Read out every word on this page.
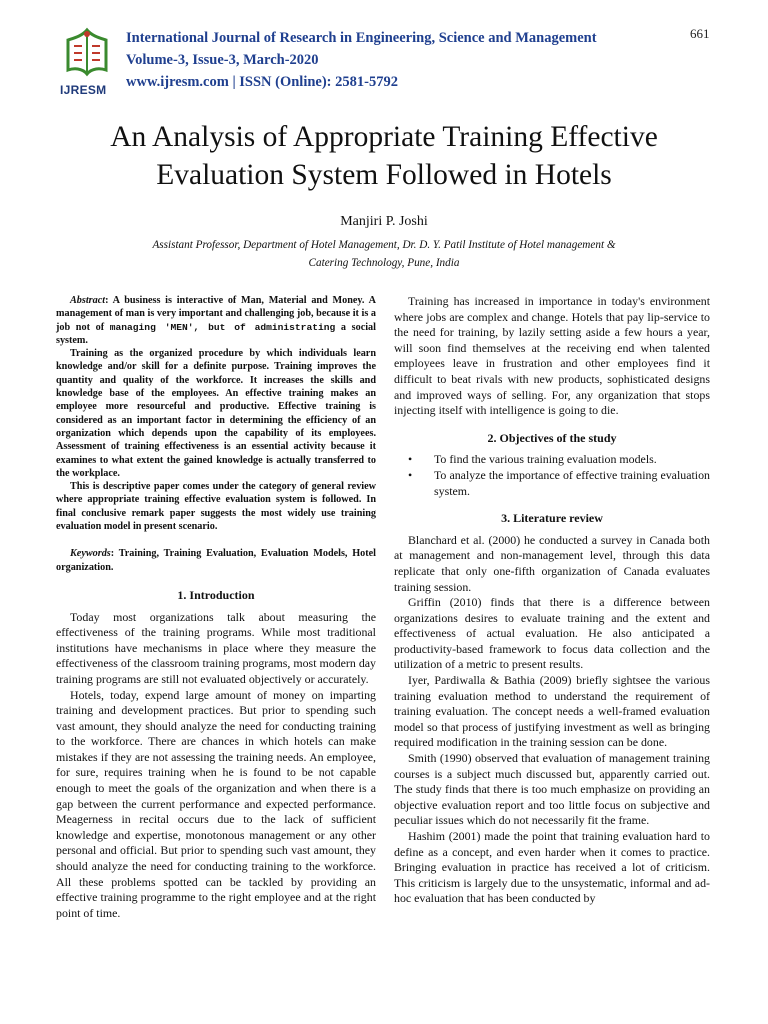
IJRESM
International Journal of Research in Engineering, Science and Management
Volume-3, Issue-3, March-2020
www.ijresm.com | ISSN (Online): 2581-5792
661
An Analysis of Appropriate Training Effective
Evaluation System Followed in Hotels
Manjiri P. Joshi
Assistant Professor, Department of Hotel Management, Dr. D. Y. Patil Institute of Hotel management &
Catering Technology, Pune, India

Abstract: A business is interactive of Man, Material and Money. A management of man is very important and challenging job, because it is a job not of managing 'MEN', but of administrating a social system.

Training as the organized procedure by which individuals learn knowledge and/or skill for a definite purpose. Training improves the quantity and quality of the workforce. It increases the skills and knowledge base of the employees. An effective training makes an employee more resourceful and productive. Effective training is considered as an important factor in determining the efficiency of an organization which depends upon the capability of its employees. Assessment of training effectiveness is an essential activity because it examines to what extent the gained knowledge is actually transferred to the workplace.

This is descriptive paper comes under the category of general review where appropriate training effective evaluation system is followed. In final conclusive remark paper suggests the most widely use training evaluation model in present scenario.

Keywords: Training, Training Evaluation, Evaluation Models, Hotel organization.

1. Introduction

Today most organizations talk about measuring the effectiveness of the training programs. While most traditional institutions have mechanisms in place where they measure the effectiveness of the classroom training programs, most modern day training programs are still not evaluated objectively or accurately.

Hotels, today, expend large amount of money on imparting training and development practices. But prior to spending such vast amount, they should analyze the need for conducting training to the workforce. There are chances in which hotels can make mistakes if they are not assessing the training needs. An employee, for sure, requires training when he is found to be not capable enough to meet the goals of the organization and when there is a gap between the current performance and expected performance. Meagerness in recital occurs due to the lack of sufficient knowledge and expertise, monotonous management or any other personal and official. But prior to spending such vast amount, they should analyze the need for conducting training to the workforce. All these problems spotted can be tackled by providing an effective training programme to the right employee and at the right point of time.

Training has increased in importance in today's environment where jobs are complex and change. Hotels that pay lip-service to the need for training, by lazily setting aside a few hours a year, will soon find themselves at the receiving end when talented employees leave in frustration and other employees find it difficult to beat rivals with new products, sophisticated designs and improved ways of selling. For, any organization that stops injecting itself with intelligence is going to die.

2. Objectives of the study
• To find the various training evaluation models.
• To analyze the importance of effective training evaluation system.
3. Literature review

Blanchard et al. (2000) he conducted a survey in Canada both at management and non-management level, through this data replicate that only one-fifth organization of Canada evaluates training session.

Griffin (2010) finds that there is a difference between organizations desires to evaluate training and the extent and effectiveness of actual evaluation. He also anticipated a productivity-based framework to focus data collection and the utilization of a metric to present results.

Iyer, Pardiwalla & Bathia (2009) briefly sightsee the various training evaluation method to understand the requirement of training evaluation. The concept needs a well-framed evaluation model so that process of justifying investment as well as bringing required modification in the training session can be done.

Smith (1990) observed that evaluation of management training courses is a subject much discussed but, apparently carried out. The study finds that there is too much emphasize on providing an objective evaluation report and too little focus on subjective and peculiar issues which do not necessarily fit the frame.

Hashim (2001) made the point that training evaluation hard to define as a concept, and even harder when it comes to practice. Bringing evaluation in practice has received a lot of criticism. This criticism is largely due to the unsystematic, informal and ad-hoc evaluation that has been conducted by
